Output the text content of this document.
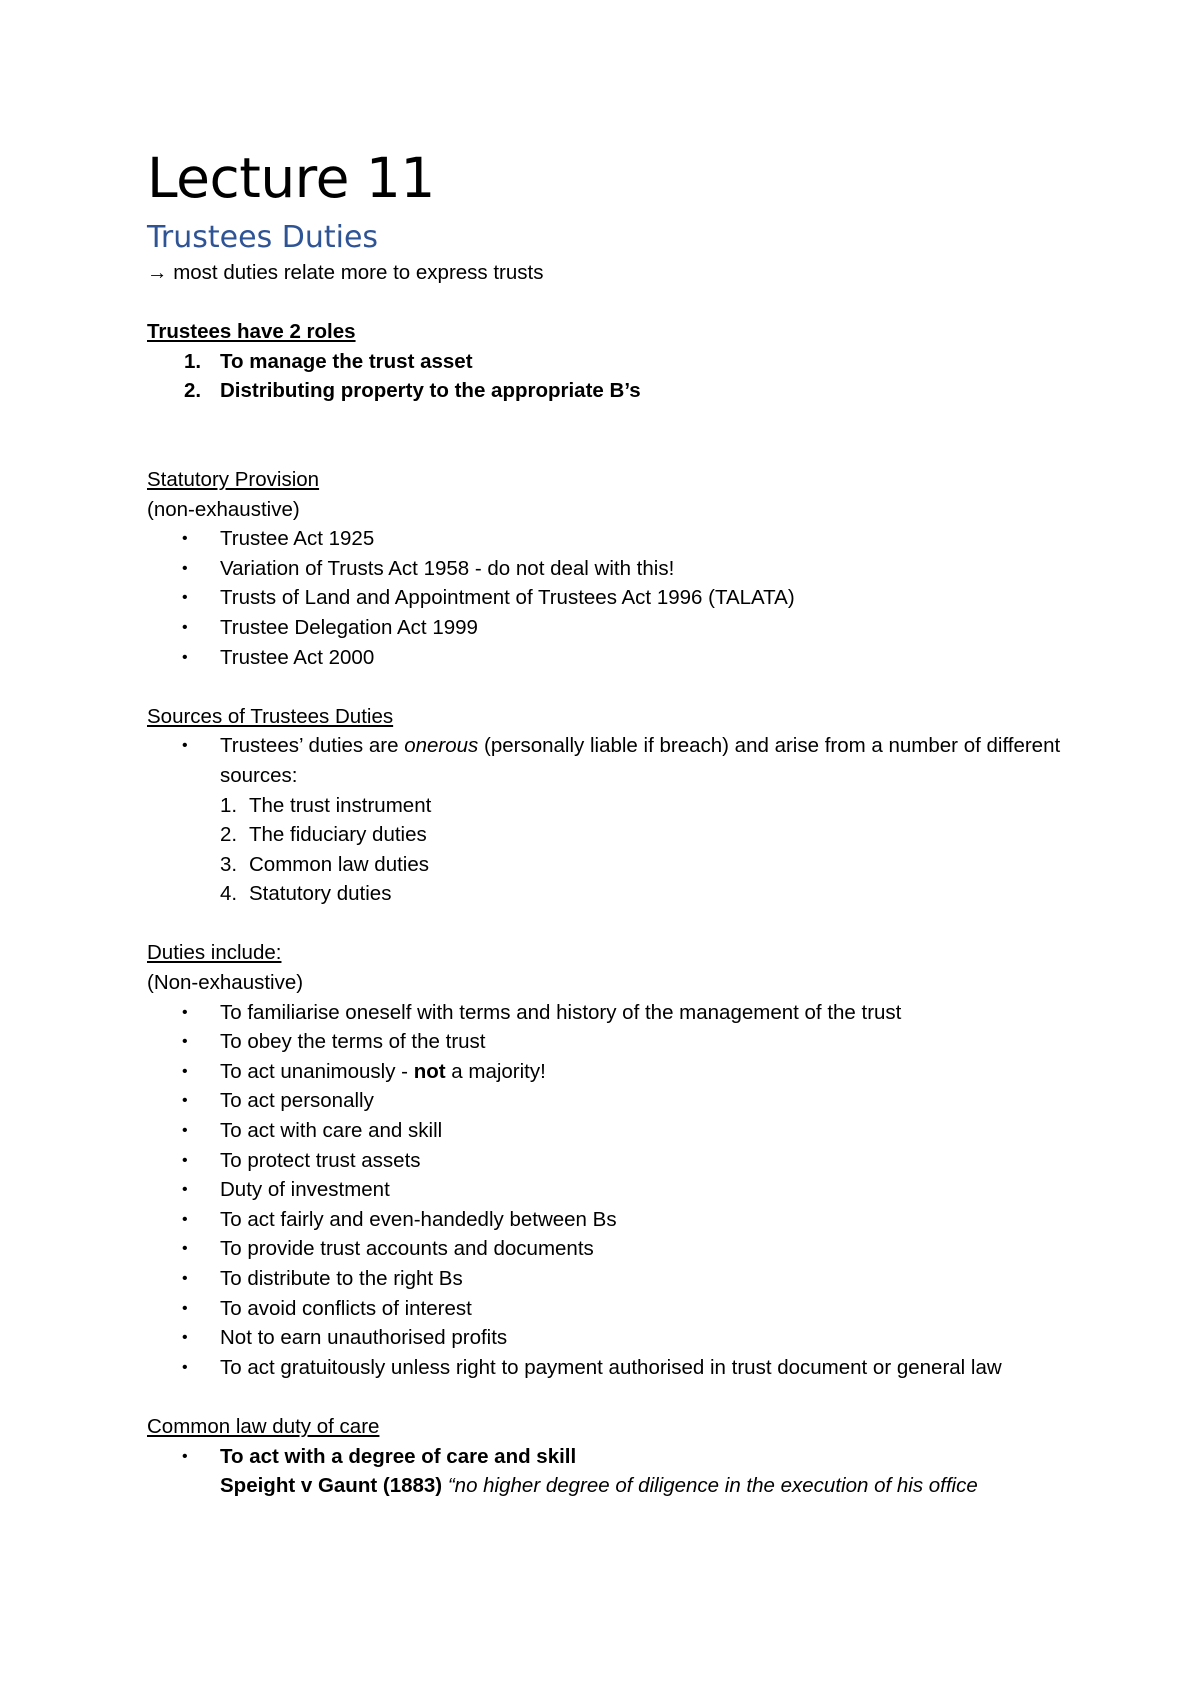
Lecture 11
Trustees Duties

→ most duties relate more to express trusts

Trustees have 2 roles

1. To manage the trust asset
2. Distributing property to the appropriate B’s

Statutory Provision

(non-exhaustive)

• Trustee Act 1925
• Variation of Trusts Act 1958 - do not deal with this!
• Trusts of Land and Appointment of Trustees Act 1996 (TALATA)
• Trustee Delegation Act 1999
• Trustee Act 2000

Sources of Trustees Duties

• Trustees’ duties are onerous (personally liable if breach) and arise from a number of different sources:
1. The trust instrument
2. The fiduciary duties
3. Common law duties
4. Statutory duties

Duties include:

(Non-exhaustive)

• To familiarise oneself with terms and history of the management of the trust
• To obey the terms of the trust
• To act unanimously - not a majority!
• To act personally
• To act with care and skill
• To protect trust assets
• Duty of investment
• To act fairly and even-handedly between Bs
• To provide trust accounts and documents
• To distribute to the right Bs
• To avoid conflicts of interest
• Not to earn unauthorised profits
• To act gratuitously unless right to payment authorised in trust document or general law

Common law duty of care

• To act with a degree of care and skill
Speight v Gaunt (1883) “no higher degree of diligence in the execution of his office
